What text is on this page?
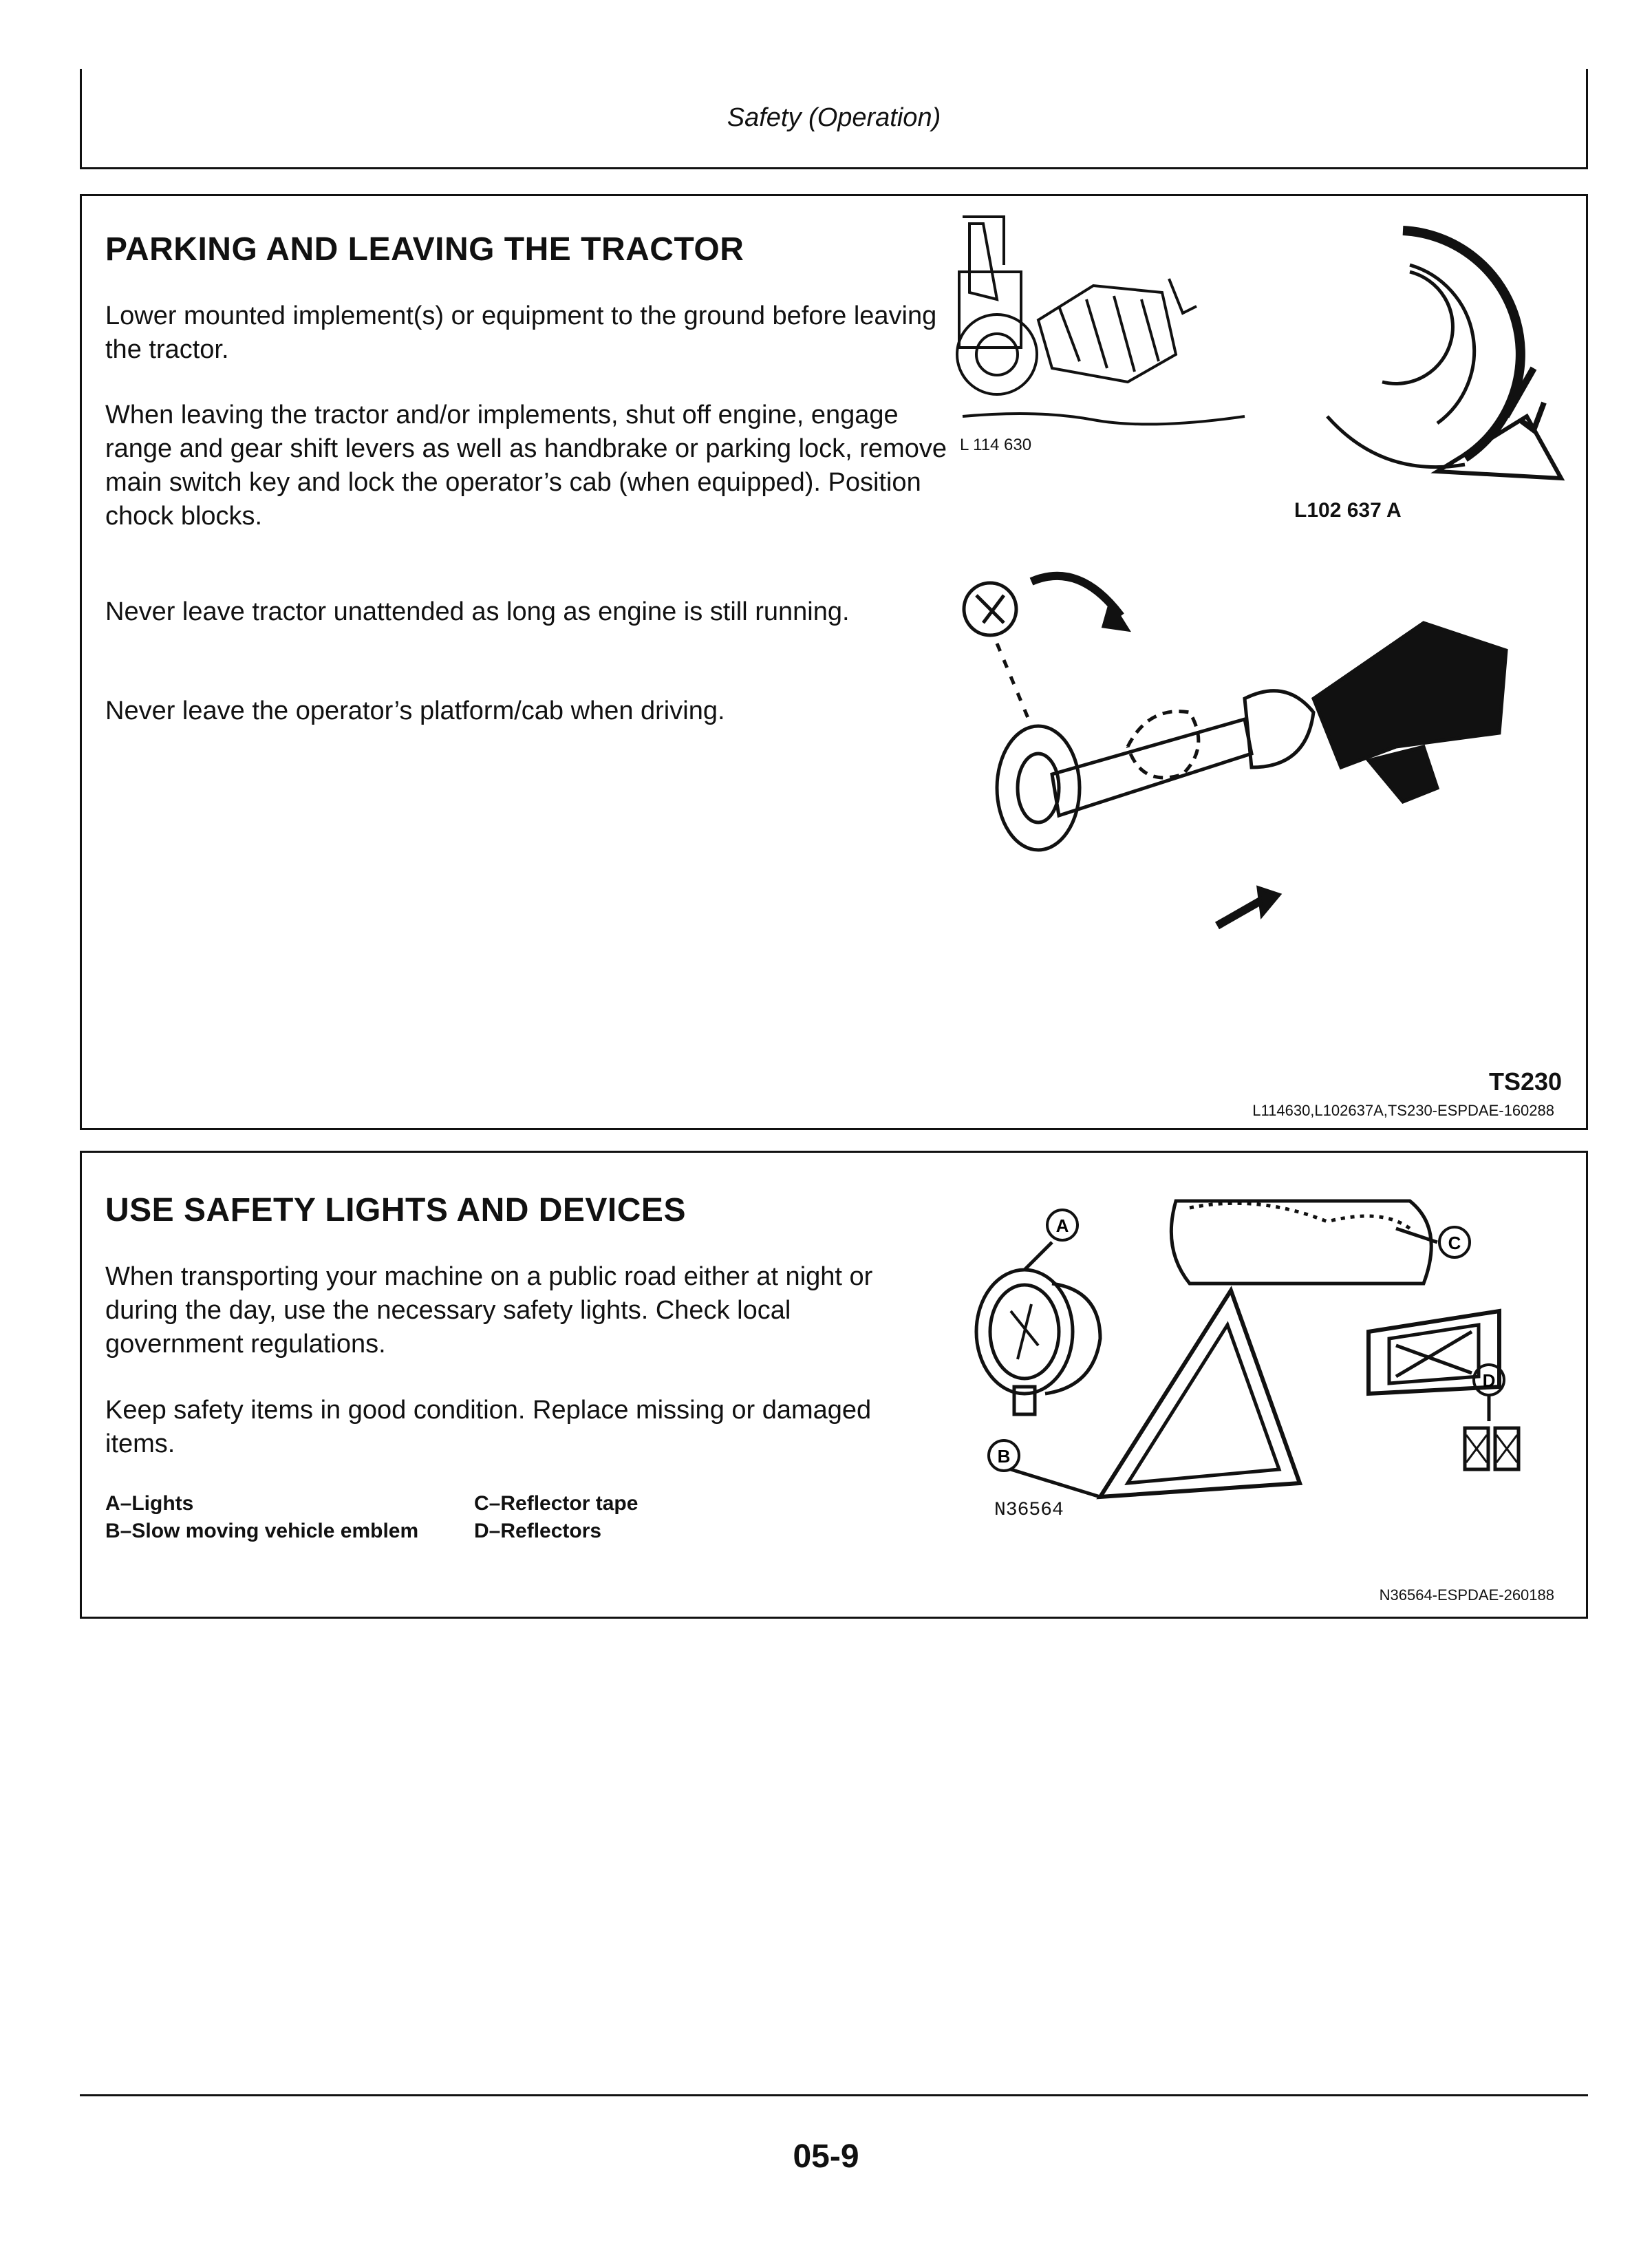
Safety (Operation)
PARKING AND LEAVING THE TRACTOR
Lower mounted implement(s) or equipment to the ground before leaving the tractor.
When leaving the tractor and/or implements, shut off engine, engage range and gear shift levers as well as handbrake or parking lock, remove main switch key and lock the operator’s cab (when equipped). Position chock blocks.
Never leave tractor unattended as long as engine is still running.
Never leave the operator’s platform/cab when driving.
L 114 630
L102 637 A
TS230
L114630,L102637A,TS230-ESPDAE-160288
USE SAFETY LIGHTS AND DEVICES
When transporting your machine on a public road either at night or during the day, use the necessary safety lights. Check local government regulations.
Keep safety items in good condition. Replace missing or damaged items.
A–Lights	C–Reflector tape
B–Slow moving vehicle emblem	D–Reflectors
A
C
D
B
N36564
N36564-ESPDAE-260188
05-9
